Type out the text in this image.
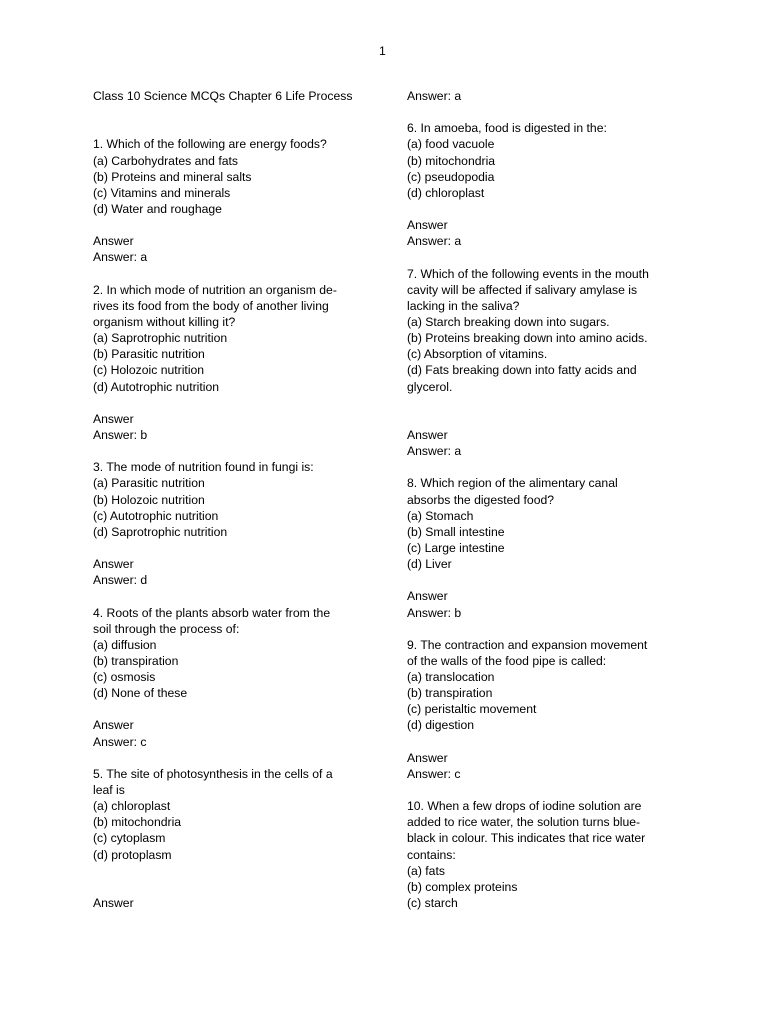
1
Class 10 Science MCQs Chapter 6 Life Process
1. Which of the following are energy foods?
(a) Carbohydrates and fats
(b) Proteins and mineral salts
(c) Vitamins and minerals
(d) Water and roughage
Answer
Answer: a
2. In which mode of nutrition an organism de-
rives its food from the body of another living
organism without killing it?
(a) Saprotrophic nutrition
(b) Parasitic nutrition
(c) Holozoic nutrition
(d) Autotrophic nutrition
Answer
Answer: b
3. The mode of nutrition found in fungi is:
(a) Parasitic nutrition
(b) Holozoic nutrition
(c) Autotrophic nutrition
(d) Saprotrophic nutrition
Answer
Answer: d
4. Roots of the plants absorb water from the
soil through the process of:
(a) diffusion
(b) transpiration
(c) osmosis
(d) None of these
Answer
Answer: c
5. The site of photosynthesis in the cells of a
leaf is
(a) chloroplast
(b) mitochondria
(c) cytoplasm
(d) protoplasm
Answer
Answer: a
6. In amoeba, food is digested in the:
(a) food vacuole
(b) mitochondria
(c) pseudopodia
(d) chloroplast
Answer
Answer: a
7. Which of the following events in the mouth
cavity will be affected if salivary amylase is
lacking in the saliva?
(a) Starch breaking down into sugars.
(b) Proteins breaking down into amino acids.
(c) Absorption of vitamins.
(d) Fats breaking down into fatty acids and
glycerol.
Answer
Answer: a
8. Which region of the alimentary canal
absorbs the digested food?
(a) Stomach
(b) Small intestine
(c) Large intestine
(d) Liver
Answer
Answer: b
9. The contraction and expansion movement
of the walls of the food pipe is called:
(a) translocation
(b) transpiration
(c) peristaltic movement
(d) digestion
Answer
Answer: c
10. When a few drops of iodine solution are
added to rice water, the solution turns blue-
black in colour. This indicates that rice water
contains:
(a) fats
(b) complex proteins
(c) starch
